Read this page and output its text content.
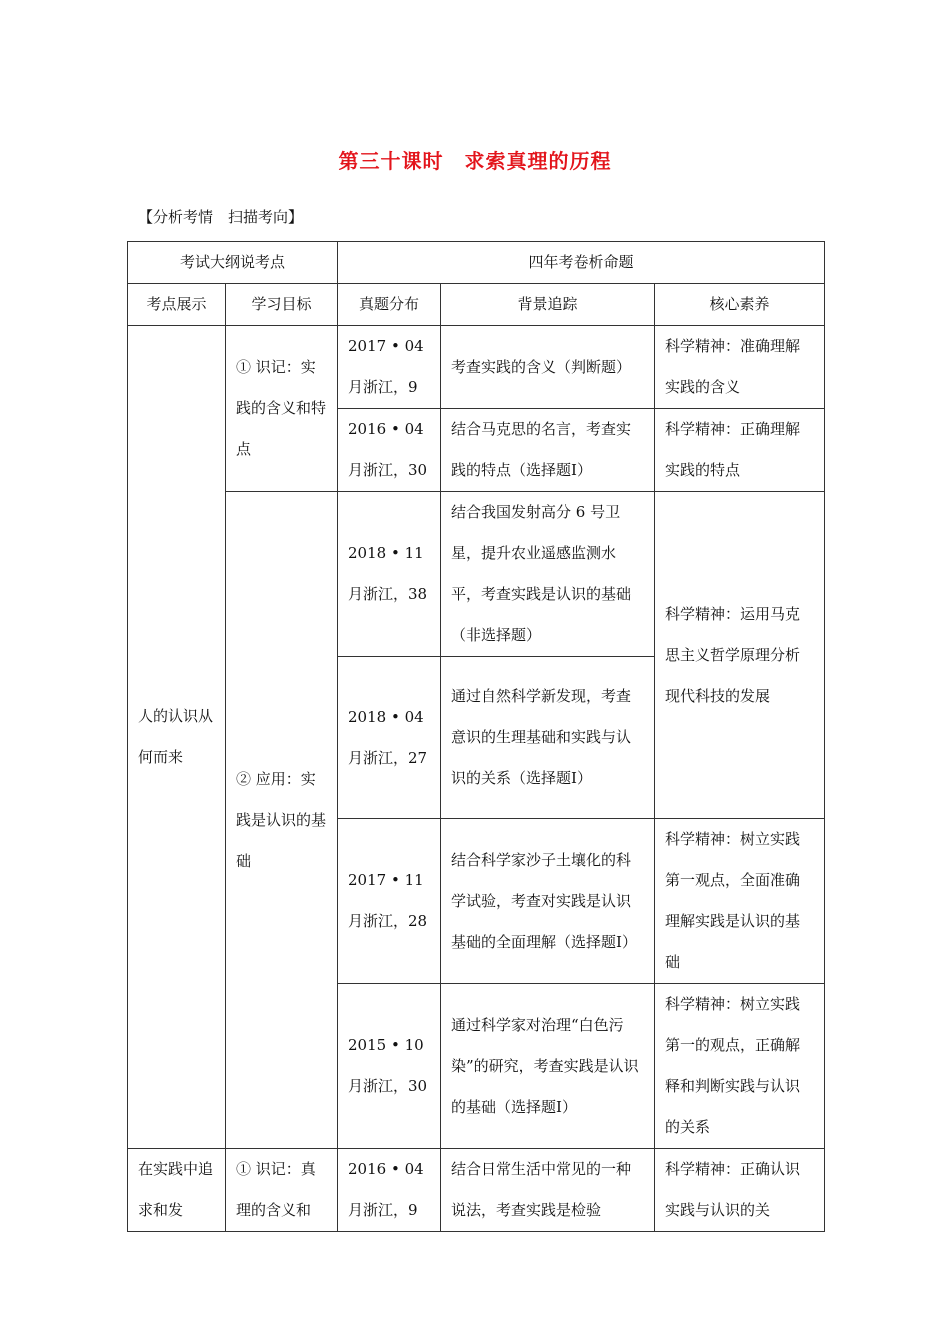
第三十课时　求索真理的历程
【分析考情　扫描考向】
考试大纲说考点		四年考卷析命题		
考点展示	学习目标	真题分布	背景追踪	核心素养
人的认识从何而来	① 识记：实践的含义和特点	2017 • 04 月浙江，9	考查实践的含义（判断题）	科学精神：准确理解实践的含义
		2016 • 04 月浙江，30	结合马克思的名言，考查实践的特点（选择题Ⅰ）	科学精神：正确理解实践的特点
	② 应用：实践是认识的基础	2018 • 11 月浙江，38	结合我国发射高分 6 号卫星，提升农业遥感监测水平，考查实践是认识的基础（非选择题）	科学精神：运用马克思主义哲学原理分析现代科技的发展
		2018 • 04 月浙江，27	通过自然科学新发现，考查意识的生理基础和实践与认识的关系（选择题Ⅰ）	
		2017 • 11 月浙江，28	结合科学家沙子土壤化的科学试验，考查对实践是认识基础的全面理解（选择题Ⅰ）	科学精神：树立实践第一观点，全面准确理解实践是认识的基础
		2015 • 10 月浙江，30	通过科学家对治理“白色污染”的研究，考查实践是认识的基础（选择题Ⅰ）	科学精神：树立实践第一的观点，正确解释和判断实践与认识的关系
在实践中追求和发	① 识记：真理的含义和	2016 • 04 月浙江，9	结合日常生活中常见的一种说法，考查实践是检验	科学精神：正确认识实践与认识的关
